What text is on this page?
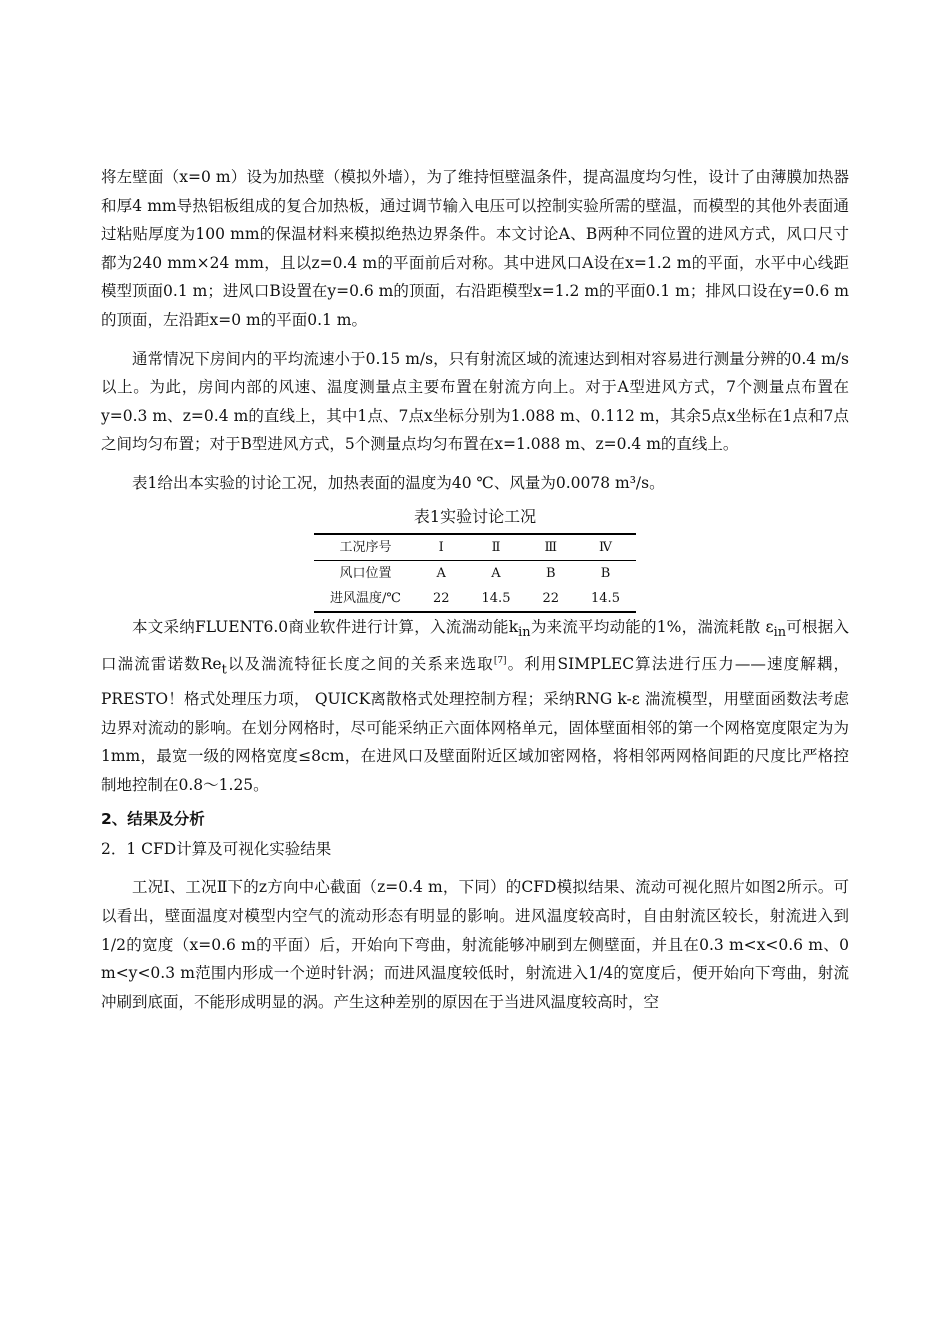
将左壁面（x=0 m）设为加热壁（模拟外墙），为了维持恒壁温条件，提高温度均匀性，设计了由薄膜加热器和厚4 mm导热铝板组成的复合加热板，通过调节输入电压可以控制实验所需的壁温，而模型的其他外表面通过粘贴厚度为100 mm的保温材料来模拟绝热边界条件。本文讨论A、B两种不同位置的进风方式，风口尺寸都为240 mm×24 mm，且以z=0.4 m的平面前后对称。其中进风口A设在x=1.2 m的平面，水平中心线距模型顶面0.1 m；进风口B设置在y=0.6 m的顶面，右沿距模型x=1.2 m的平面0.1 m；排风口设在y=0.6 m的顶面，左沿距x=0 m的平面0.1 m。

通常情况下房间内的平均流速小于0.15 m/s，只有射流区域的流速达到相对容易进行测量分辨的0.4 m/s以上。为此，房间内部的风速、温度测量点主要布置在射流方向上。对于A型进风方式，7个测量点布置在y=0.3 m、z=0.4 m的直线上，其中1点、7点x坐标分别为1.088 m、0.112 m，其余5点x坐标在1点和7点之间均匀布置；对于B型进风方式，5个测量点均匀布置在x=1.088 m、z=0.4 m的直线上。

表1给出本实验的讨论工况，加热表面的温度为40 ℃、风量为0.0078 m³/s。

表1实验讨论工况
工况序号	Ⅰ	Ⅱ	Ⅲ	Ⅳ
风口位置	A	A	B	B
进风温度/℃	22	14.5	22	14.5

本文采纳FLUENT6.0商业软件进行计算，入流湍动能$k_{in}$为来流平均动能的1%，湍流耗散 $\varepsilon_{in}$可根据入口湍流雷诺数$Re_t$以及湍流特征长度之间的关系来选取[7]。利用SIMPLEC算法进行压力——速度解耦，PRESTO！格式处理压力项， QUICK离散格式处理控制方程；采纳RNG k-ε 湍流模型，用壁面函数法考虑边界对流动的影响。在划分网格时，尽可能采纳正六面体网格单元，固体壁面相邻的第一个网格宽度限定为为1mm，最宽一级的网格宽度≤8cm，在进风口及壁面附近区域加密网格，将相邻两网格间距的尺度比严格控制地控制在0.8～1.25。

2、结果及分析
2．1 CFD计算及可视化实验结果

工况Ⅰ、工况Ⅱ下的z方向中心截面（z=0.4 m，下同）的CFD模拟结果、流动可视化照片如图2所示。可以看出，壁面温度对模型内空气的流动形态有明显的影响。进风温度较高时，自由射流区较长，射流进入到1/2的宽度（x=0.6 m的平面）后，开始向下弯曲，射流能够冲刷到左侧壁面，并且在0.3 m<x<0.6 m、0 m<y<0.3 m范围内形成一个逆时针涡；而进风温度较低时，射流进入1/4的宽度后，便开始向下弯曲，射流冲刷到底面，不能形成明显的涡。产生这种差别的原因在于当进风温度较高时，空
